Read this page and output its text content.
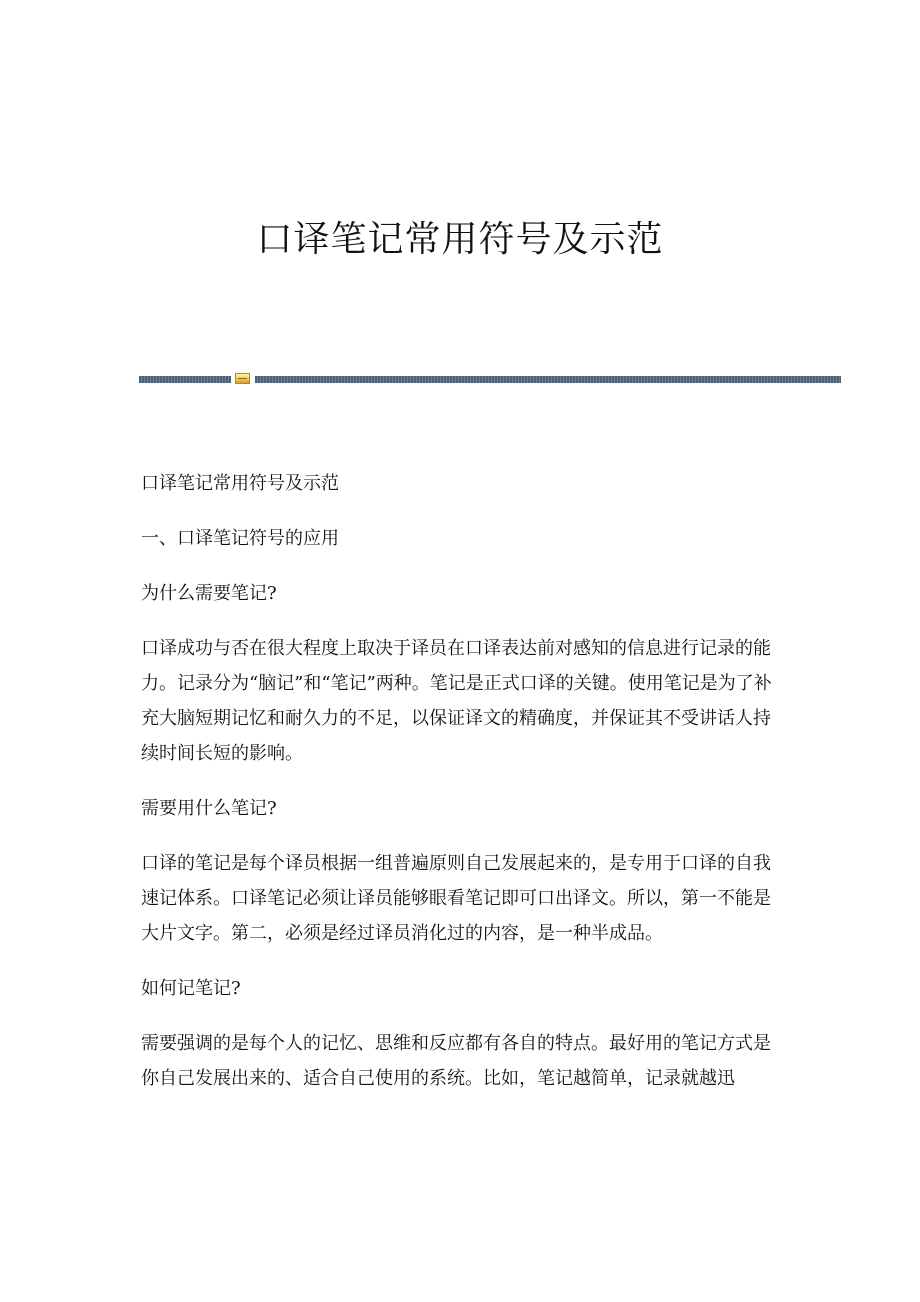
口译笔记常用符号及示范

口译笔记常用符号及示范

一、口译笔记符号的应用

为什么需要笔记?

口译成功与否在很大程度上取决于译员在口译表达前对感知的信息进行记录的能力。记录分为“脑记”和“笔记”两种。笔记是正式口译的关键。使用笔记是为了补充大脑短期记忆和耐久力的不足，以保证译文的精确度，并保证其不受讲话人持续时间长短的影响。

需要用什么笔记?

口译的笔记是每个译员根据一组普遍原则自己发展起来的，是专用于口译的自我速记体系。口译笔记必须让译员能够眼看笔记即可口出译文。所以，第一不能是大片文字。第二，必须是经过译员消化过的内容，是一种半成品。

如何记笔记?

需要强调的是每个人的记忆、思维和反应都有各自的特点。最好用的笔记方式是你自己发展出来的、适合自己使用的系统。比如，笔记越简单，记录就越迅
